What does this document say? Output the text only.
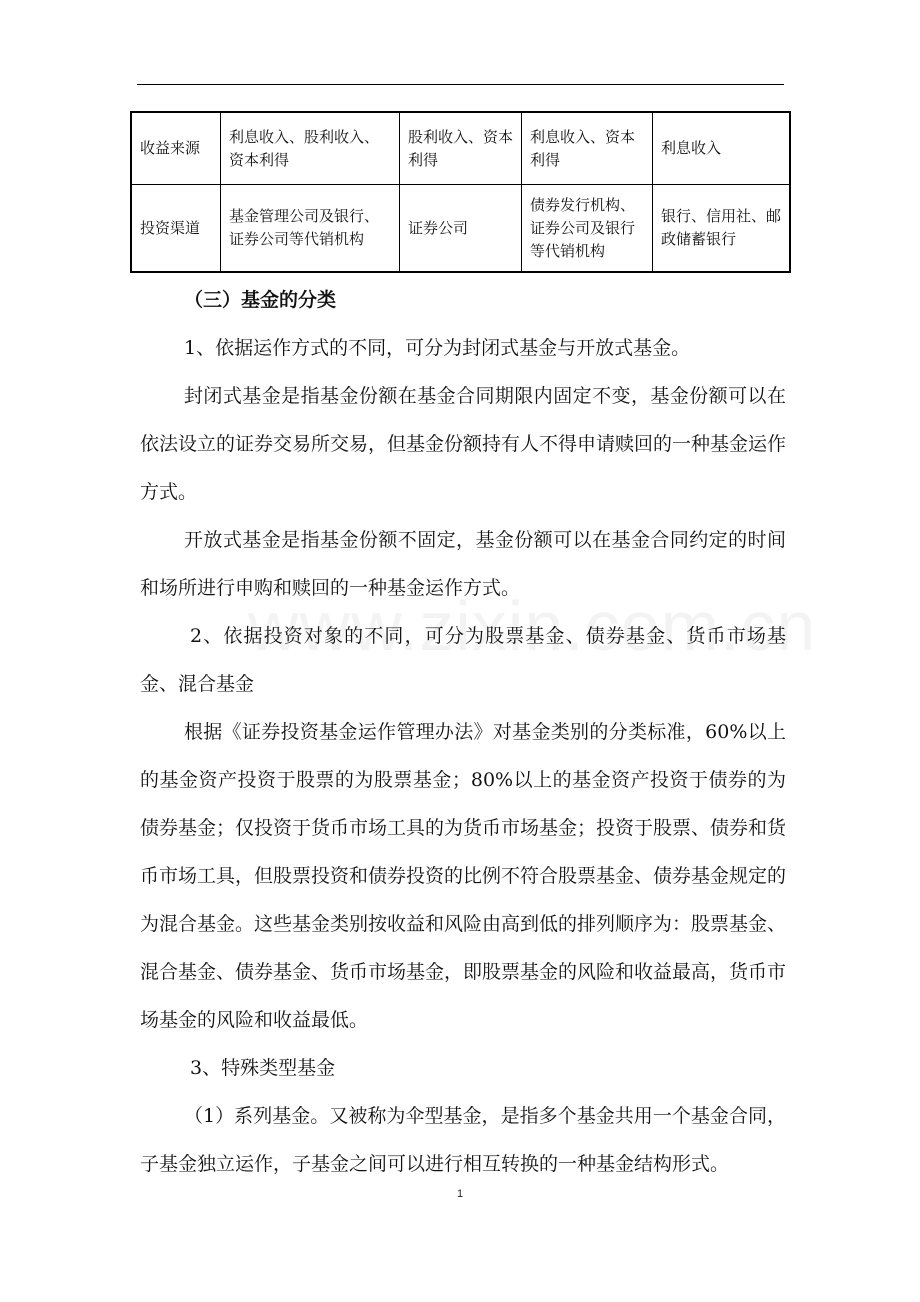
收益来源	利息收入、股利收入、资本利得	股利收入、资本利得	利息收入、资本利得	利息收入
投资渠道	基金管理公司及银行、证券公司等代销机构	证券公司	债券发行机构、证券公司及银行等代销机构	银行、信用社、邮政储蓄银行

（三）基金的分类

1、依据运作方式的不同，可分为封闭式基金与开放式基金。

封闭式基金是指基金份额在基金合同期限内固定不变，基金份额可以在依法设立的证券交易所交易，但基金份额持有人不得申请赎回的一种基金运作方式。

开放式基金是指基金份额不固定，基金份额可以在基金合同约定的时间和场所进行申购和赎回的一种基金运作方式。

2、依据投资对象的不同，可分为股票基金、债券基金、货币市场基金、混合基金

根据《证券投资基金运作管理办法》对基金类别的分类标准，60%以上的基金资产投资于股票的为股票基金；80%以上的基金资产投资于债券的为债券基金；仅投资于货币市场工具的为货币市场基金；投资于股票、债券和货币市场工具，但股票投资和债券投资的比例不符合股票基金、债券基金规定的为混合基金。这些基金类别按收益和风险由高到低的排列顺序为：股票基金、混合基金、债券基金、货币市场基金，即股票基金的风险和收益最高，货币市场基金的风险和收益最低。

3、特殊类型基金

（1）系列基金。又被称为伞型基金，是指多个基金共用一个基金合同，子基金独立运作，子基金之间可以进行相互转换的一种基金结构形式。

1
